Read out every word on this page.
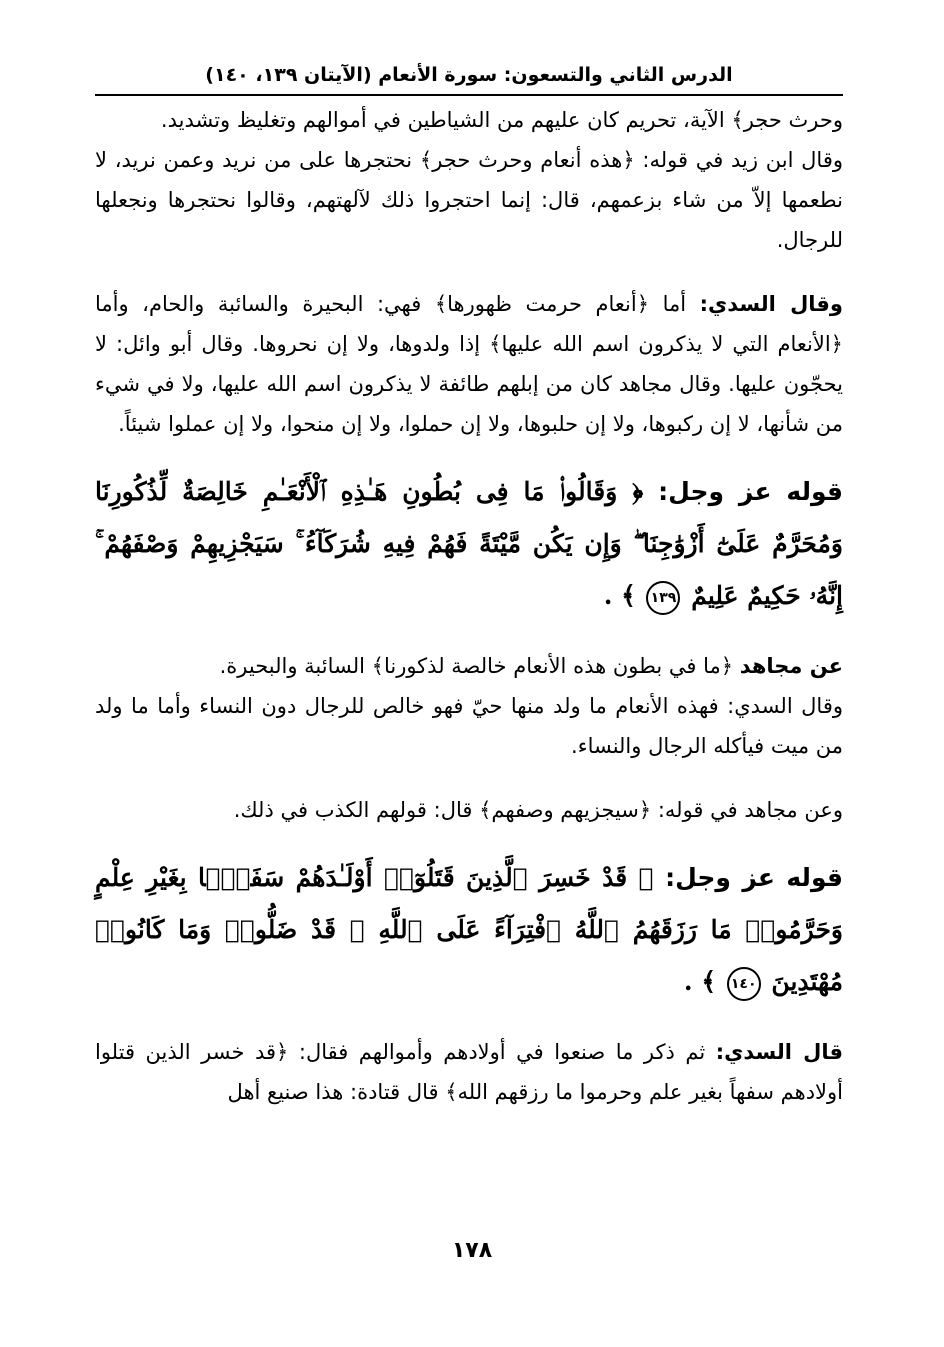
الدرس الثاني والتسعون: سورة الأنعام (الآيتان ١٣٩، ١٤٠)

وحرث حجر﴾ الآية، تحريم كان عليهم من الشياطين في أموالهم وتغليظ وتشديد.

وقال ابن زيد في قوله: ﴿هذه أنعام وحرث حجر﴾ نحتجرها على من نريد وعمن نريد، لا نطعمها إلاّ من شاء بزعمهم، قال: إنما احتجروا ذلك لآلهتهم، وقالوا نحتجرها ونجعلها للرجال.

وقال السدي: أما ﴿أنعام حرمت ظهورها﴾ فهي: البحيرة والسائبة والحام، وأما ﴿الأنعام التي لا يذكرون اسم الله عليها﴾ إذا ولدوها، ولا إن نحروها. وقال أبو وائل: لا يحجّون عليها. وقال مجاهد كان من إبلهم طائفة لا يذكرون اسم الله عليها، ولا في شيء من شأنها، لا إن ركبوها، ولا إن حلبوها، ولا إن حملوا، ولا إن منحوا، ولا إن عملوا شيئاً.

قوله عز وجل: ﴿ وَقَالُوا۟ مَا فِى بُطُونِ هَـٰذِهِ ٱلْأَنْعَـٰمِ خَالِصَةٌ لِّذُكُورِنَا وَمُحَرَّمٌ عَلَىٰٓ أَزْوَٰجِنَا ۖ وَإِن يَكُن مَّيْتَةً فَهُمْ فِيهِ شُرَكَآءُ ۚ سَيَجْزِيهِمْ وَصْفَهُمْ ۚ إِنَّهُۥ حَكِيمٌ عَلِيمٌ ١٣٩ ﴾ .

عن مجاهد ﴿ما في بطون هذه الأنعام خالصة لذكورنا﴾ السائبة والبحيرة.

وقال السدي: فهذه الأنعام ما ولد منها حيّ فهو خالص للرجال دون النساء وأما ما ولد من ميت فيأكله الرجال والنساء.

وعن مجاهد في قوله: ﴿سيجزيهم وصفهم﴾ قال: قولهم الكذب في ذلك.

قوله عز وجل: ﴿ قَدْ خَسِرَ ٱلَّذِينَ قَتَلُوٓا۟ أَوْلَـٰدَهُمْ سَفَهًۢا بِغَيْرِ عِلْمٍ وَحَرَّمُوا۟ مَا رَزَقَهُمُ ٱللَّهُ ٱفْتِرَآءً عَلَى ٱللَّهِ ۚ قَدْ ضَلُّوا۟ وَمَا كَانُوا۟ مُهْتَدِينَ ١٤٠ ﴾ .

قال السدي: ثم ذكر ما صنعوا في أولادهم وأموالهم فقال: ﴿قد خسر الذين قتلوا أولادهم سفهاً بغير علم وحرموا ما رزقهم الله﴾ قال قتادة: هذا صنيع أهل

١٧٨
